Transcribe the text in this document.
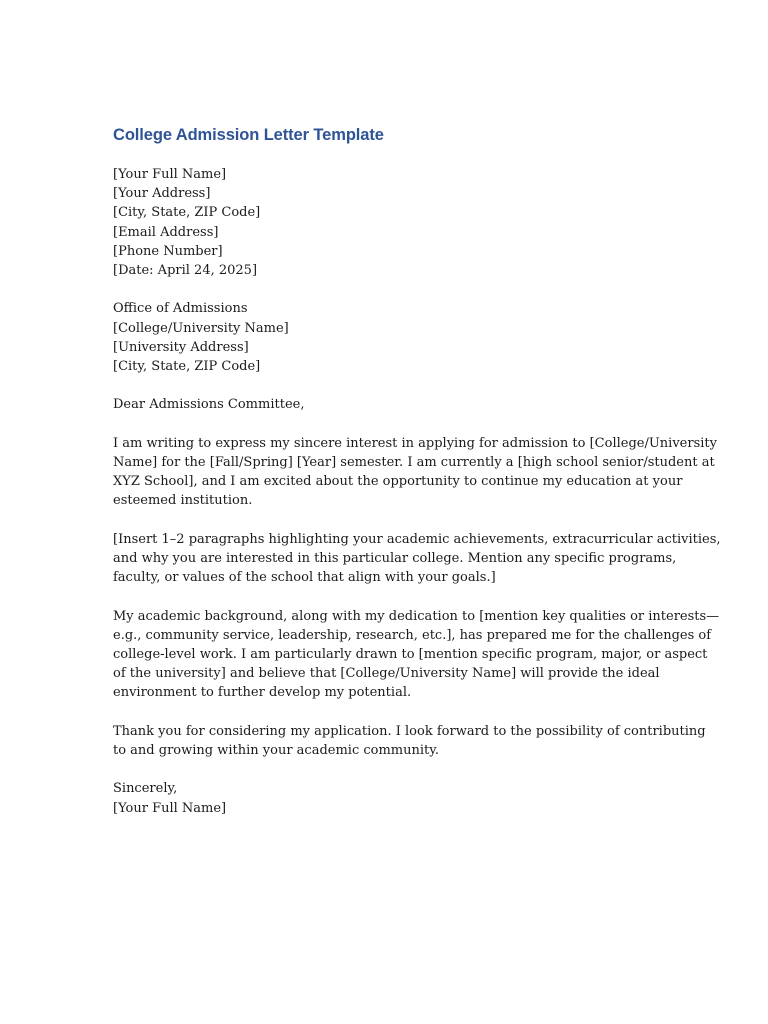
College Admission Letter Template
[Your Full Name]
[Your Address]
[City, State, ZIP Code]
[Email Address]
[Phone Number]
[Date: April 24, 2025]
Office of Admissions
[College/University Name]
[University Address]
[City, State, ZIP Code]
Dear Admissions Committee,
I am writing to express my sincere interest in applying for admission to [College/University
Name] for the [Fall/Spring] [Year] semester. I am currently a [high school senior/student at
XYZ School], and I am excited about the opportunity to continue my education at your
esteemed institution.
[Insert 1–2 paragraphs highlighting your academic achievements, extracurricular activities,
and why you are interested in this particular college. Mention any specific programs,
faculty, or values of the school that align with your goals.]
My academic background, along with my dedication to [mention key qualities or interests—
e.g., community service, leadership, research, etc.], has prepared me for the challenges of
college-level work. I am particularly drawn to [mention specific program, major, or aspect
of the university] and believe that [College/University Name] will provide the ideal
environment to further develop my potential.
Thank you for considering my application. I look forward to the possibility of contributing
to and growing within your academic community.
Sincerely,
[Your Full Name]
